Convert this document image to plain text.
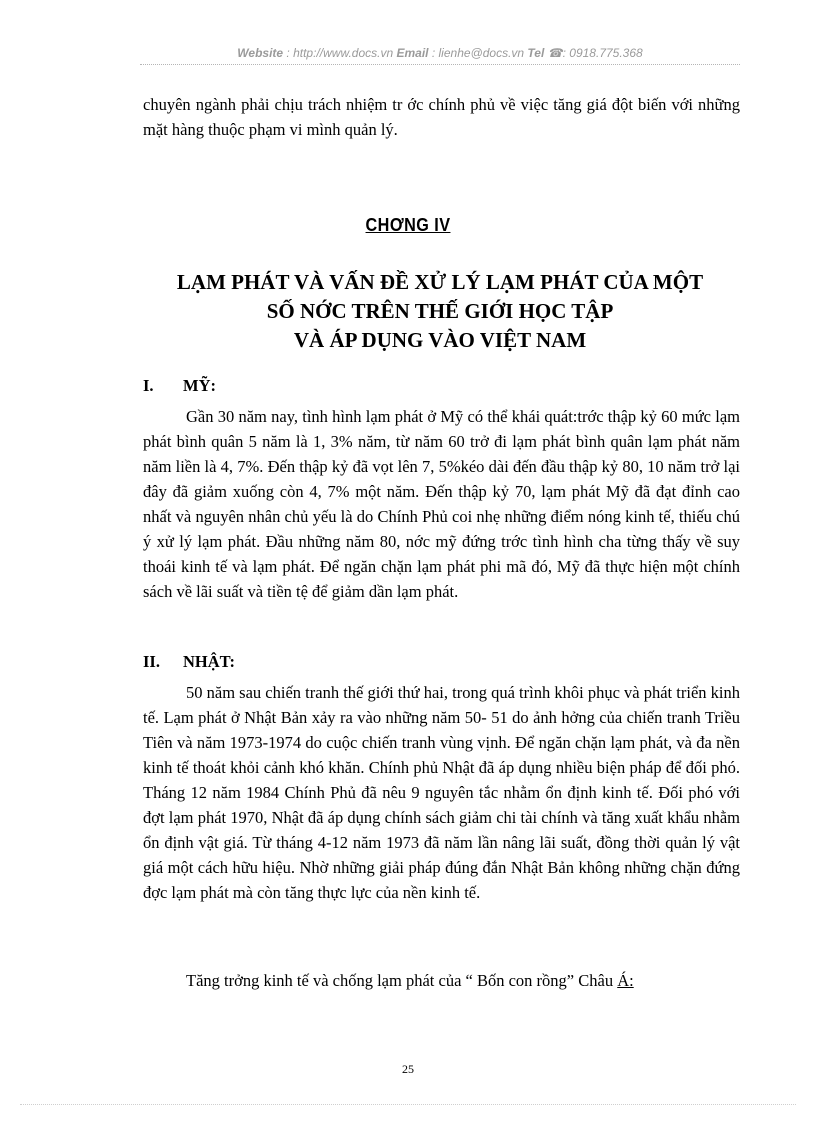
Website : http://www.docs.vn Email : lienhe@docs.vn Tel ☎: 0918.775.368
chuyên ngành phải chịu trách nhiệm tr ớc chính phủ về việc tăng giá đột biến với những mặt hàng thuộc phạm vi mình quản lý.
CHƠNG IV
LẠM PHÁT VÀ VẤN ĐỀ XỬ LÝ LẠM PHÁT CỦA MỘT
SỐ NỚC TRÊN THẾ GIỚI HỌC TẬP
VÀ ÁP DỤNG VÀO VIỆT NAM
I. MỸ:
Gần 30 năm nay, tình hình lạm phát ở Mỹ có thể khái quát:trớc thập kỷ 60 mức lạm phát bình quân 5 năm là 1, 3% năm, từ năm 60 trở đi lạm phát bình quân lạm phát năm năm liền là 4, 7%. Đến thập kỷ đã vọt lên 7, 5%kéo dài đến đầu thập kỷ 80, 10 năm trở lại đây đã giảm xuống còn 4, 7% một năm. Đến thập kỷ 70, lạm phát Mỹ đã đạt đỉnh cao nhất và nguyên nhân chủ yếu là do Chính Phủ coi nhẹ những điểm nóng kinh tế, thiếu chú ý xử lý lạm phát. Đầu những năm 80, nớc mỹ đứng trớc tình hình cha từng thấy về suy thoái kinh tế và lạm phát. Để ngăn chặn lạm phát phi mã đó, Mỹ đã thực hiện một chính sách về lãi suất và tiền tệ để giảm dần lạm phát.
II. NHẬT:
50 năm sau chiến tranh thế giới thứ hai, trong quá trình khôi phục và phát triển kinh tế. Lạm phát ở Nhật Bản xảy ra vào những năm 50- 51 do ảnh hởng của chiến tranh Triều Tiên và năm 1973-1974 do cuộc chiến tranh vùng vịnh. Để ngăn chặn lạm phát, và đa nền kinh tế thoát khỏi cảnh khó khăn. Chính phủ Nhật đã áp dụng nhiều biện pháp để đối phó. Tháng 12 năm 1984 Chính Phủ đã nêu 9 nguyên tắc nhằm ổn định kinh tế. Đối phó với đợt lạm phát 1970, Nhật đã áp dụng chính sách giảm chi tài chính và tăng xuất khẩu nhằm ổn định vật giá. Từ tháng 4-12 năm 1973 đã năm lần nâng lãi suất, đồng thời quản lý vật giá một cách hữu hiệu. Nhờ những giải pháp đúng đắn Nhật Bản không những chặn đứng đợc lạm phát mà còn tăng thực lực của nền kinh tế.
Tăng trởng kinh tế và chống lạm phát của “ Bốn con rồng” Châu Á:
25
